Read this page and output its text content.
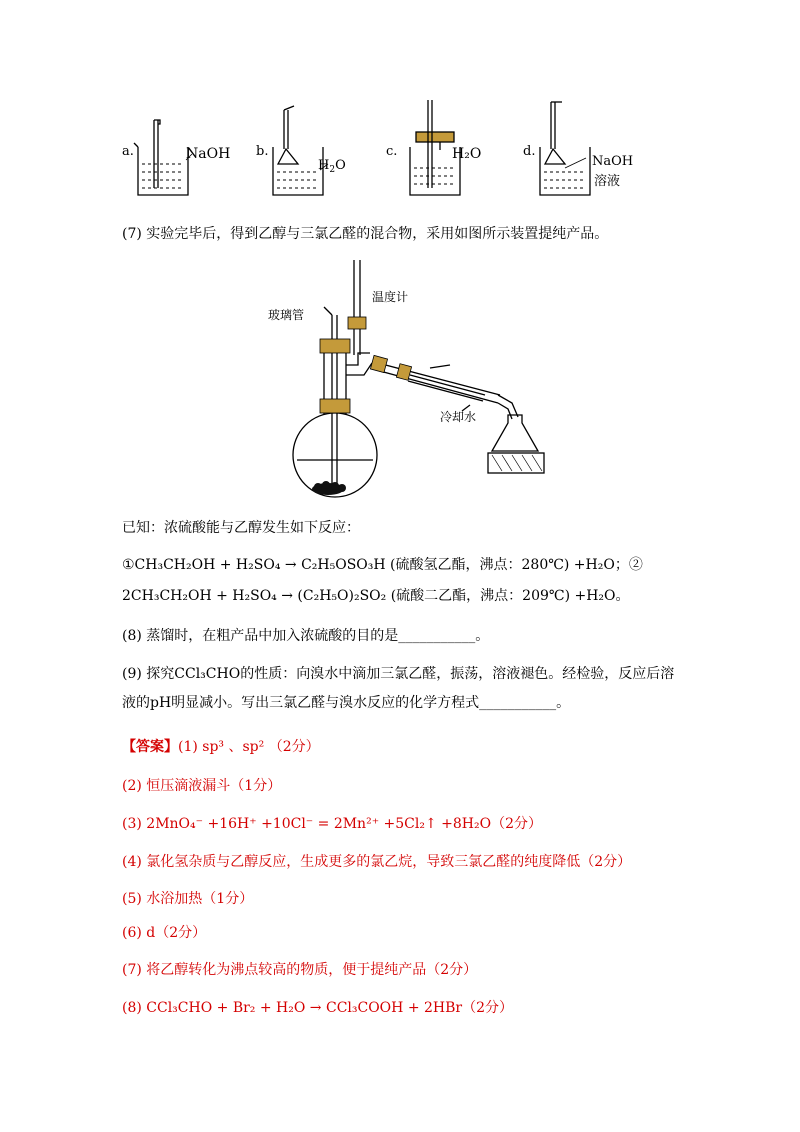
a.	NaOH b.
$H_2O$
c.	H₂O	d.
NaOH
溶液
(7) 实验完毕后，得到乙醇与三氯乙醛的混合物，采用如图所示装置提纯产品。
玻璃管
温度计
冷却水
已知：浓硫酸能与乙醇发生如下反应：
①CH₃CH₂OH + H₂SO₄ → C₂H₅OSO₃H (硫酸氢乙酯，沸点：280℃) +H₂O；②
2CH₃CH₂OH + H₂SO₄ → (C₂H₅O)₂SO₂ (硫酸二乙酯，沸点：209℃) +H₂O。
(8) 蒸馏时，在粗产品中加入浓硫酸的目的是___________。
(9) 探究CCl₃CHO的性质：向溴水中滴加三氯乙醛，振荡，溶液褪色。经检验，反应后溶
液的pH明显减小。写出三氯乙醛与溴水反应的化学方程式___________。
【答案】(1) sp³ 、sp² （2分）
(2) 恒压滴液漏斗（1分）
(3) 2MnO₄⁻ +16H⁺ +10Cl⁻ = 2Mn²⁺ +5Cl₂↑ +8H₂O（2分）
(4) 氯化氢杂质与乙醇反应，生成更多的氯乙烷，导致三氯乙醛的纯度降低（2分）
(5) 水浴加热（1分）
(6) d（2分）
(7) 将乙醇转化为沸点较高的物质，便于提纯产品（2分）
(8) CCl₃CHO + Br₂ + H₂O → CCl₃COOH + 2HBr（2分）
